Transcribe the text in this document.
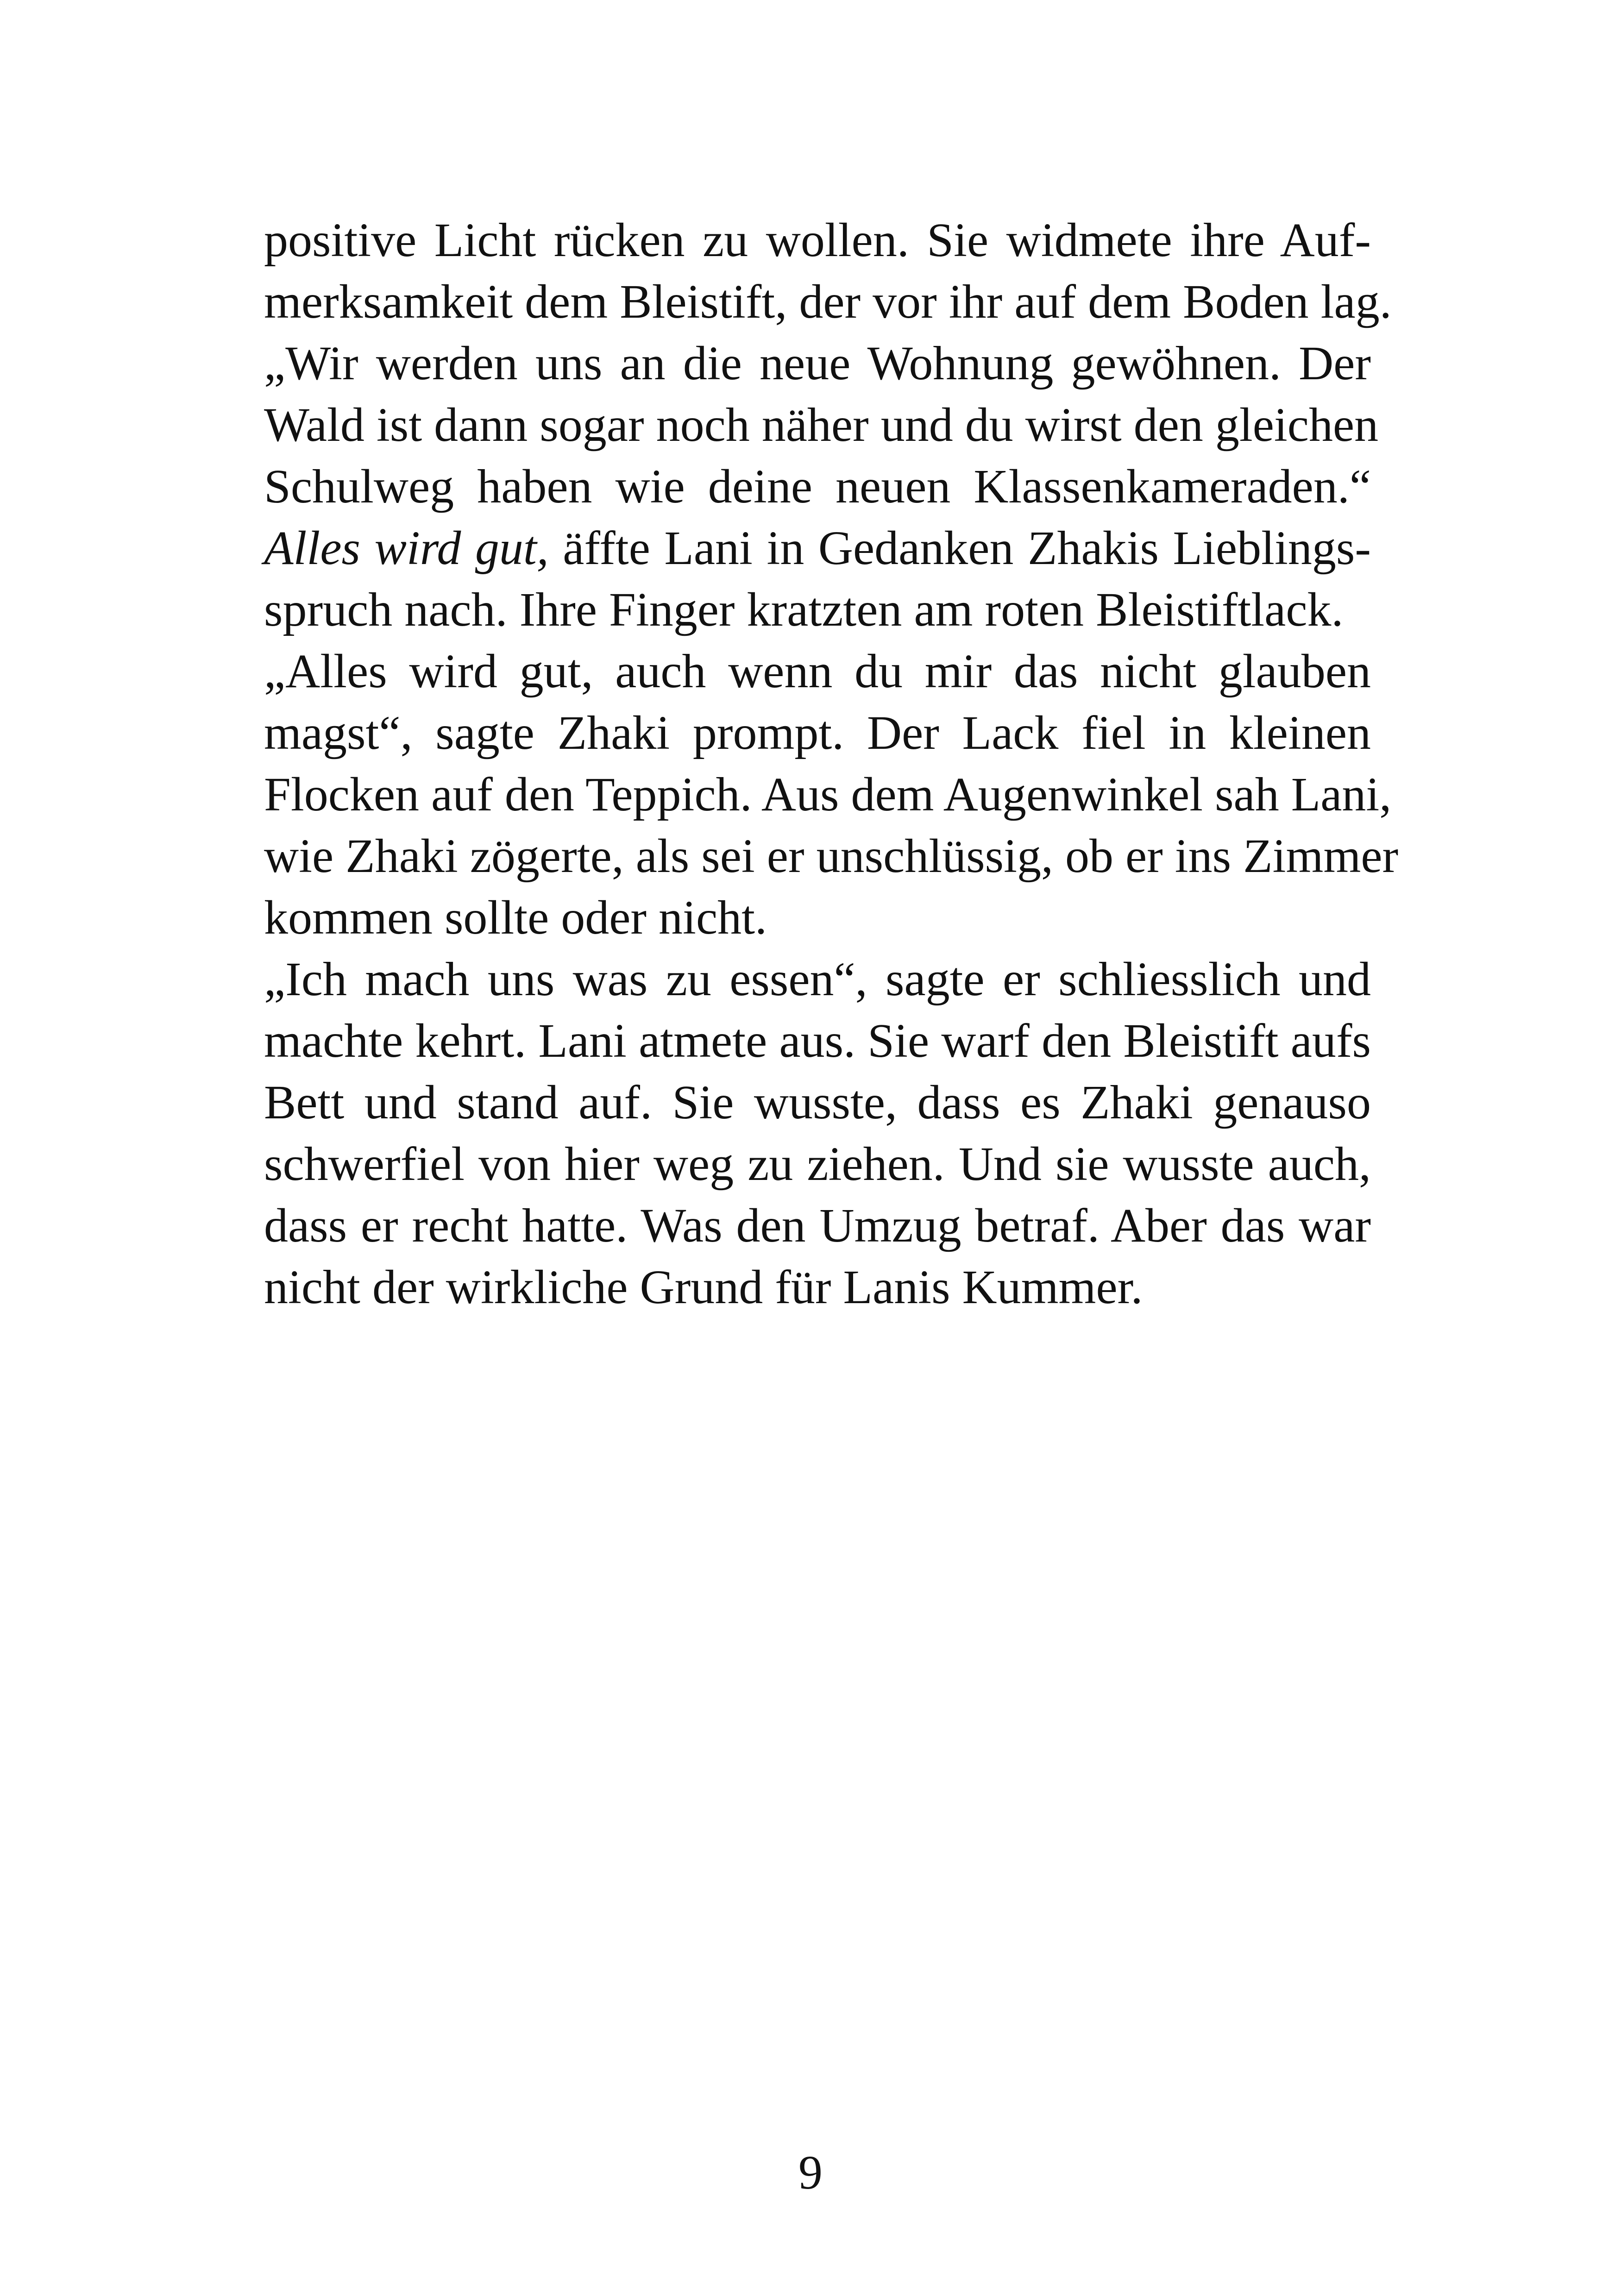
positive Licht rücken zu wollen. Sie widmete ihre Auf-
merksamkeit dem Bleistift, der vor ihr auf dem Boden lag.
„Wir werden uns an die neue Wohnung gewöhnen. Der
Wald ist dann sogar noch näher und du wirst den gleichen
Schulweg haben wie deine neuen Klassenkameraden.“
Alles wird gut, äffte Lani in Gedanken Zhakis Lieblings-
spruch nach. Ihre Finger kratzten am roten Bleistiftlack.
„Alles wird gut, auch wenn du mir das nicht glauben
magst“, sagte Zhaki prompt. Der Lack fiel in kleinen
Flocken auf den Teppich. Aus dem Augenwinkel sah Lani,
wie Zhaki zögerte, als sei er unschlüssig, ob er ins Zimmer
kommen sollte oder nicht.
„Ich mach uns was zu essen“, sagte er schliesslich und
machte kehrt. Lani atmete aus. Sie warf den Bleistift aufs
Bett und stand auf. Sie wusste, dass es Zhaki genauso
schwerfiel von hier weg zu ziehen. Und sie wusste auch,
dass er recht hatte. Was den Umzug betraf. Aber das war
nicht der wirkliche Grund für Lanis Kummer.
9
